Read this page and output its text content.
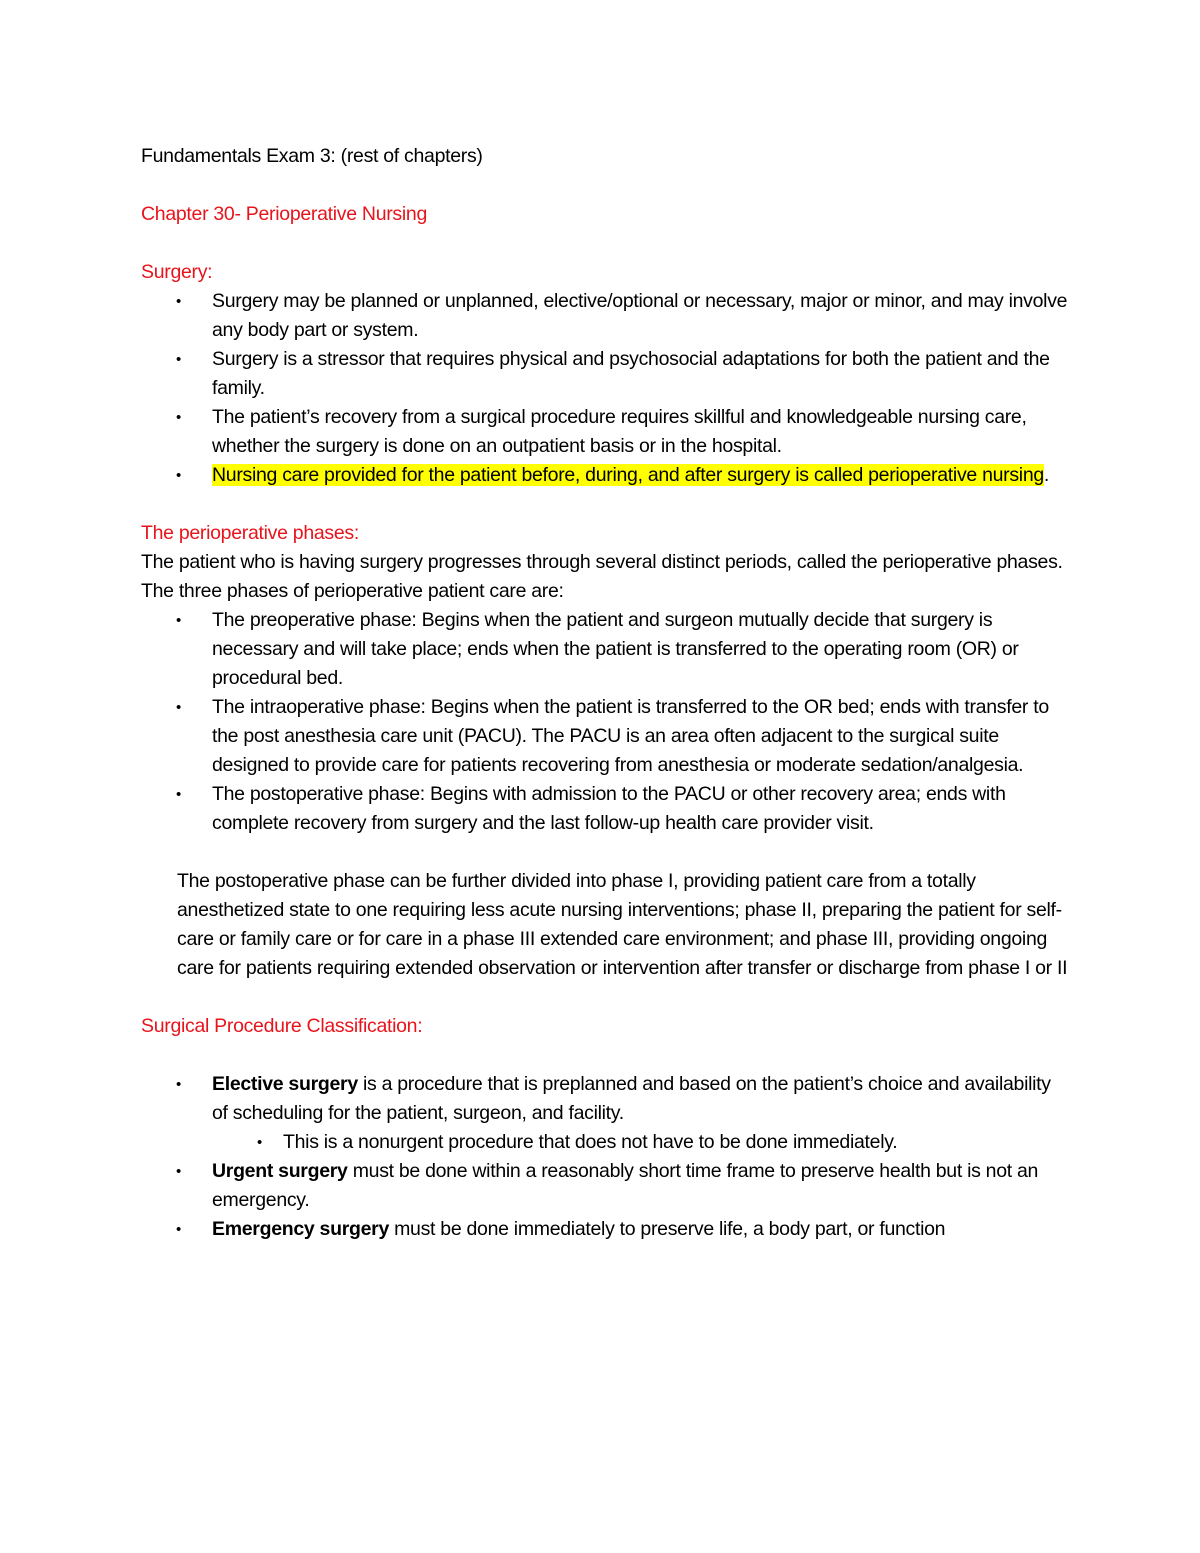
Fundamentals Exam 3: (rest of chapters)

Chapter 30- Perioperative Nursing

Surgery:

• Surgery may be planned or unplanned, elective/optional or necessary, major or minor, and may involve any body part or system.
• Surgery is a stressor that requires physical and psychosocial adaptations for both the patient and the family.
• The patient’s recovery from a surgical procedure requires skillful and knowledgeable nursing care, whether the surgery is done on an outpatient basis or in the hospital.
• Nursing care provided for the patient before, during, and after surgery is called perioperative nursing.

The perioperative phases:

The patient who is having surgery progresses through several distinct periods, called the perioperative phases.

The three phases of perioperative patient care are:

• The preoperative phase: Begins when the patient and surgeon mutually decide that surgery is necessary and will take place; ends when the patient is transferred to the operating room (OR) or procedural bed.
• The intraoperative phase: Begins when the patient is transferred to the OR bed; ends with transfer to the post anesthesia care unit (PACU). The PACU is an area often adjacent to the surgical suite designed to provide care for patients recovering from anesthesia or moderate sedation/analgesia.
• The postoperative phase: Begins with admission to the PACU or other recovery area; ends with complete recovery from surgery and the last follow-up health care provider visit.

The postoperative phase can be further divided into phase I, providing patient care from a totally anesthetized state to one requiring less acute nursing interventions; phase II, preparing the patient for self-care or family care or for care in a phase III extended care environment; and phase III, providing ongoing care for patients requiring extended observation or intervention after transfer or discharge from phase I or II

Surgical Procedure Classification:

• Elective surgery is a procedure that is preplanned and based on the patient’s choice and availability of scheduling for the patient, surgeon, and facility.
• This is a nonurgent procedure that does not have to be done immediately.
• Urgent surgery must be done within a reasonably short time frame to preserve health but is not an emergency.
• Emergency surgery must be done immediately to preserve life, a body part, or function
